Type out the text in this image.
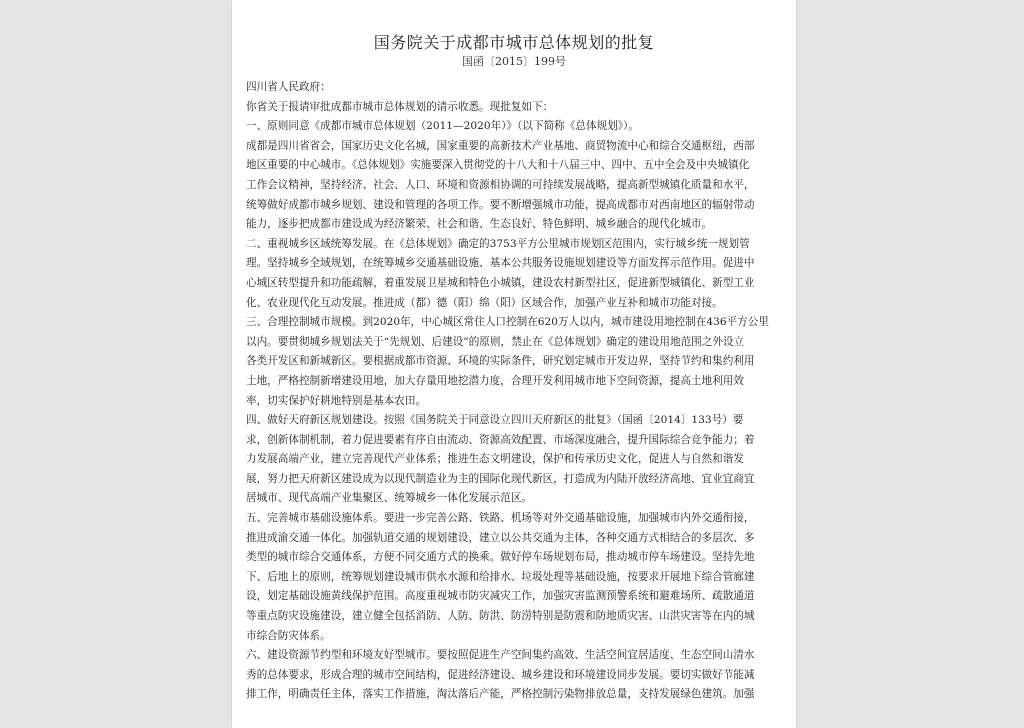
国务院关于成都市城市总体规划的批复
国函〔2015〕199号
四川省人民政府：
你省关于报请审批成都市城市总体规划的请示收悉。现批复如下：
一、原则同意《成都市城市总体规划（2011—2020年）》（以下简称《总体规划》）。
成都是四川省省会，国家历史文化名城，国家重要的高新技术产业基地、商贸物流中心和综合交通枢纽，西部
地区重要的中心城市。《总体规划》实施要深入贯彻党的十八大和十八届三中、四中、五中全会及中央城镇化
工作会议精神，坚持经济、社会、人口、环境和资源相协调的可持续发展战略，提高新型城镇化质量和水平，
统筹做好成都市城乡规划、建设和管理的各项工作。要不断增强城市功能，提高成都市对西南地区的辐射带动
能力，逐步把成都市建设成为经济繁荣、社会和谐、生态良好、特色鲜明、城乡融合的现代化城市。
二、重视城乡区域统筹发展。在《总体规划》确定的3753平方公里城市规划区范围内，实行城乡统一规划管
理。坚持城乡全域规划，在统筹城乡交通基础设施、基本公共服务设施规划建设等方面发挥示范作用。促进中
心城区转型提升和功能疏解，着重发展卫星城和特色小城镇，建设农村新型社区，促进新型城镇化、新型工业
化、农业现代化互动发展。推进成（都）德（阳）绵（阳）区域合作，加强产业互补和城市功能对接。
三、合理控制城市规模。到2020年，中心城区常住人口控制在620万人以内，城市建设用地控制在436平方公里
以内。要贯彻城乡规划法关于“先规划、后建设”的原则，禁止在《总体规划》确定的建设用地范围之外设立
各类开发区和新城新区。要根据成都市资源、环境的实际条件，研究划定城市开发边界，坚持节约和集约利用
土地，严格控制新增建设用地，加大存量用地挖潜力度，合理开发利用城市地下空间资源，提高土地利用效
率，切实保护好耕地特别是基本农田。
四、做好天府新区规划建设。按照《国务院关于同意设立四川天府新区的批复》（国函〔2014〕133号）要
求，创新体制机制，着力促进要素有序自由流动、资源高效配置、市场深度融合，提升国际综合竞争能力；着
力发展高端产业，建立完善现代产业体系；推进生态文明建设，保护和传承历史文化，促进人与自然和谐发
展，努力把天府新区建设成为以现代制造业为主的国际化现代新区，打造成为内陆开放经济高地、宜业宜商宜
居城市、现代高端产业集聚区、统筹城乡一体化发展示范区。
五、完善城市基础设施体系。要进一步完善公路、铁路、机场等对外交通基础设施，加强城市内外交通衔接，
推进成渝交通一体化。加强轨道交通的规划建设，建立以公共交通为主体，各种交通方式相结合的多层次、多
类型的城市综合交通体系，方便不同交通方式的换乘。做好停车场规划布局，推动城市停车场建设。坚持先地
下、后地上的原则，统筹规划建设城市供水水源和给排水、垃圾处理等基础设施，按要求开展地下综合管廊建
设，划定基础设施黄线保护范围。高度重视城市防灾减灾工作，加强灾害监测预警系统和避难场所、疏散通道
等重点防灾设施建设，建立健全包括消防、人防、防洪、防涝特别是防震和防地质灾害、山洪灾害等在内的城
市综合防灾体系。
六、建设资源节约型和环境友好型城市。要按照促进生产空间集约高效、生活空间宜居适度、生态空间山清水
秀的总体要求，形成合理的城市空间结构，促进经济建设、城乡建设和环境建设同步发展。要切实做好节能减
排工作，明确责任主体，落实工作措施，淘汰落后产能，严格控制污染物排放总量，支持发展绿色建筑。加强
